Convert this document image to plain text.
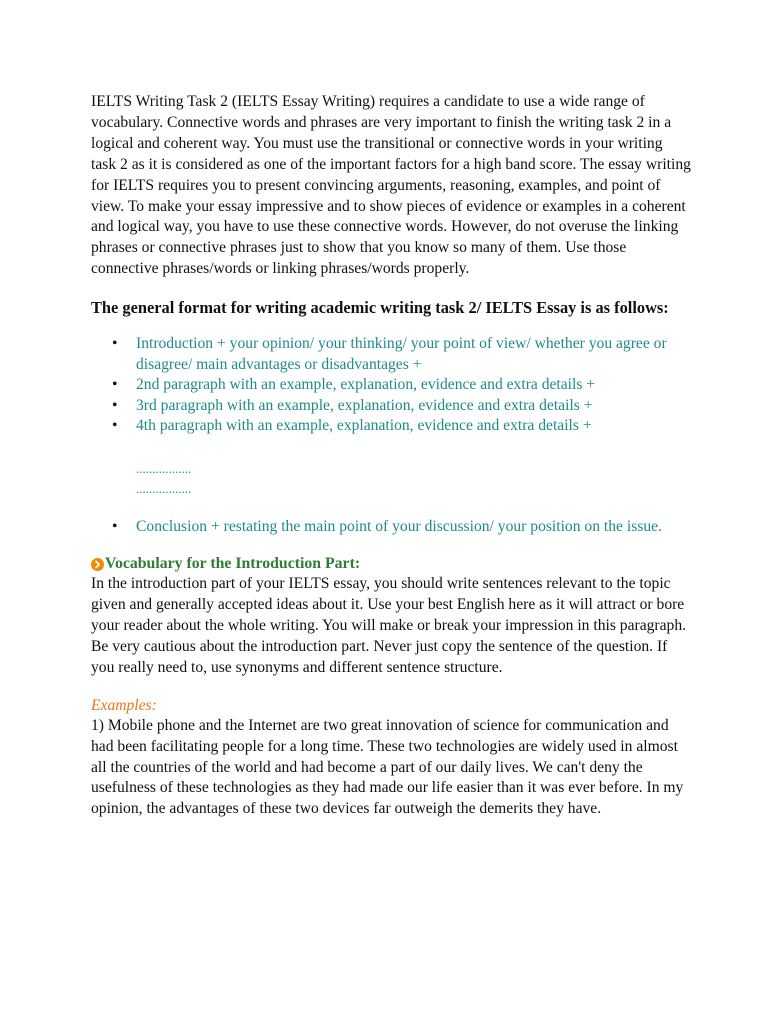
IELTS Writing Task 2 (IELTS Essay Writing) requires a candidate to use a wide range of vocabulary. Connective words and phrases are very important to finish the writing task 2 in a logical and coherent way. You must use the transitional or connective words in your writing task 2 as it is considered as one of the important factors for a high band score. The essay writing for IELTS requires you to present convincing arguments, reasoning, examples, and point of view. To make your essay impressive and to show pieces of evidence or examples in a coherent and logical way, you have to use these connective words. However, do not overuse the linking phrases or connective phrases just to show that you know so many of them. Use those connective phrases/words or linking phrases/words properly.

The general format for writing academic writing task 2/ IELTS Essay is as follows:
• Introduction + your opinion/ your thinking/ your point of view/ whether you agree or disagree/ main advantages or disadvantages +
• 2nd paragraph with an example, explanation, evidence and extra details +
• 3rd paragraph with an example, explanation, evidence and extra details +
• 4th paragraph with an example, explanation, evidence and extra details +
.................
.................
• Conclusion + restating the main point of your discussion/ your position on the issue.
Vocabulary for the Introduction Part:

In the introduction part of your IELTS essay, you should write sentences relevant to the topic given and generally accepted ideas about it. Use your best English here as it will attract or bore your reader about the whole writing. You will make or break your impression in this paragraph. Be very cautious about the introduction part. Never just copy the sentence of the question. If you really need to, use synonyms and different sentence structure.

Examples:

1) Mobile phone and the Internet are two great innovation of science for communication and had been facilitating people for a long time. These two technologies are widely used in almost all the countries of the world and had become a part of our daily lives. We can't deny the usefulness of these technologies as they had made our life easier than it was ever before. In my opinion, the advantages of these two devices far outweigh the demerits they have.
